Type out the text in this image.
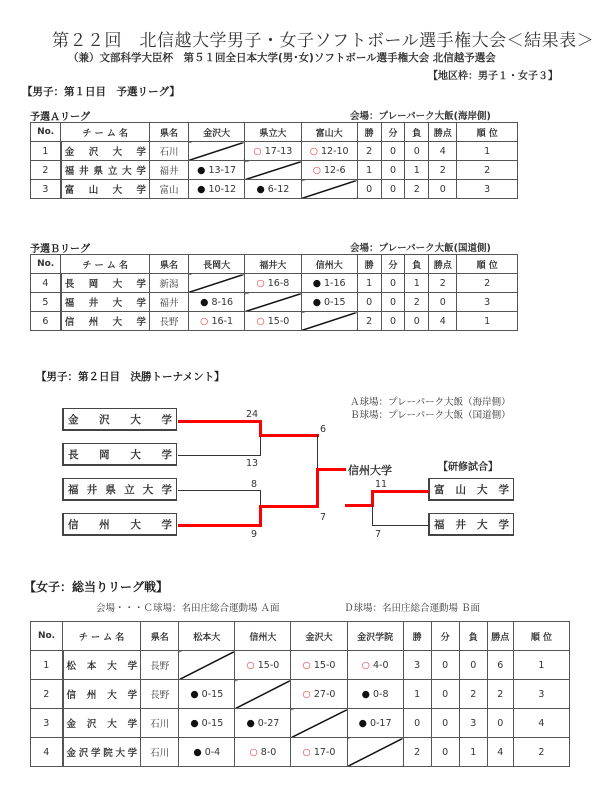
第２２回　北信越大学男子・女子ソフトボール選手権大会＜結果表＞
（兼）文部科学大臣杯　第５１回全日本大学(男･女)ソフトボール選手権大会 北信越予選会
【地区枠：男子１・女子３】
【男子：第１日目　予選リーグ】
予選Ａリーグ	会場：プレーパーク大飯(海岸側)
No.	チ ー ム 名	県名	金沢大	県立大	富山大	勝	分	負	勝点	順 位
1	金 沢 大 学	石川		○ 17-13	○ 12-10	2	0	0	4	1
2	福井県立大学	福井	● 13-17		○ 12-6	1	0	1	2	2
3	富 山 大 学	富山	● 10-12	● 6-12		0	0	2	0	3
予選Ｂリーグ	会場：プレーパーク大飯(国道側)
No.	チ ー ム 名	県名	長岡大	福井大	信州大	勝	分	負	勝点	順 位
4	長 岡 大 学	新潟		○ 16-8	● 1-16	1	0	1	2	2
5	福 井 大 学	福井	● 8-16		● 0-15	0	0	2	0	3
6	信 州 大 学	長野	○ 16-1	○ 15-0		2	0	0	4	1
【男子：第２日目　決勝トーナメント】
Ａ球場：プレーパーク大飯（海岸側）
Ｂ球場：プレーパーク大飯（国道側）
金 沢 大 学
長 岡 大 学
福 井 県 立 大 学
信 州 大 学
24
13
8
9
6
7
信州大学	【研修試合】
富 山 大 学
福 井 大 学
11
7
【女子：総当りリーグ戦】
会場・・・Ｃ球場：名田庄総合運動場 Ａ面	Ｄ球場：名田庄総合運動場 Ｂ面
No.	チ ー ム 名	県名	松本大	信州大	金沢大	金沢学院	勝	分	負	勝点	順 位
1	松 本 大 学	長野		○ 15-0	○ 15-0	○ 4-0	3	0	0	6	1
2	信 州 大 学	長野	● 0-15		○ 27-0	● 0-8	1	0	2	2	3
3	金 沢 大 学	石川	● 0-15	● 0-27		● 0-17	0	0	3	0	4
4	金沢学院大学	石川	● 0-4	○ 8-0	○ 17-0		2	0	1	4	2
